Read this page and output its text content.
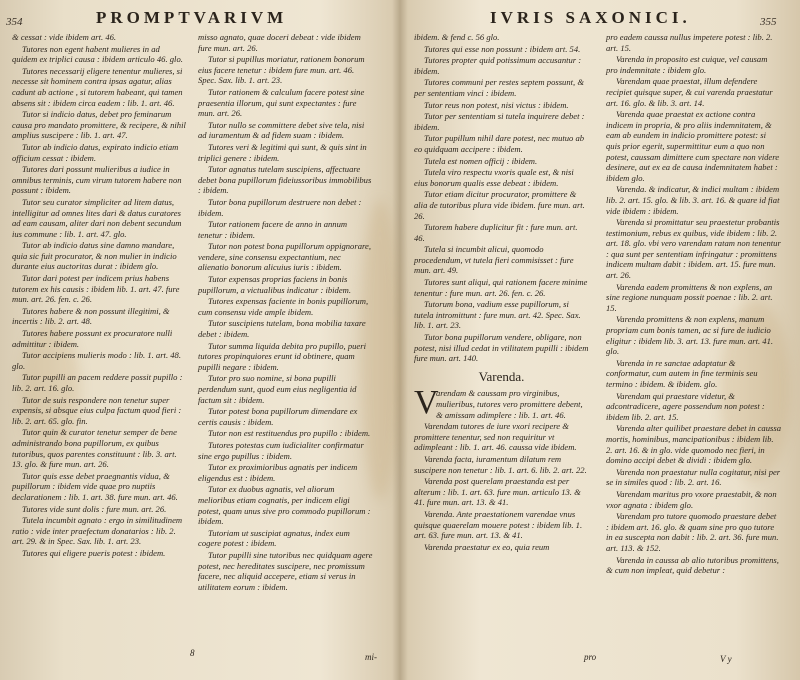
354	PROMPTVARIVM

& cessat : vide ibidem art. 46.

Tutores non egent habent mulieres in ad quidem ex triplici causa : ibidem articulo 46. glo.

Tutores necessarij eligere tenentur mulieres, si necesse sit hominem contra ipsas agatur, alias cadunt ab actione , si tutorem habeant, qui tamen absens sit : ibidem circa eadem : lib. 1. art. 46.

Tutor si indicio datus, debet pro feminarum causa pro mandato promittere, & recipere, & nihil amplius suscipere : lib. 1. art. 47.

Tutor ab indicio datus, expirato indicio etiam officium cessat : ibidem.

Tutores dari possunt mulieribus a iudice in omnibus terminis, cum virum tutorem habere non possunt : ibidem.

Tutor seu curator simpliciter ad litem datus, intelligitur ad omnes lites dari & datus curatores ad eam causam, aliter dari non debent secundum ius commune : lib. 1. art. 47. glo.

Tutor ab indicio datus sine damno mandare, quia sic fuit procurator, & non mulier in indicio durante eius auctoritas durat : ibidem glo.

Tutor dari potest per indicem prius habens tutorem ex his causis : ibidem lib. 1. art. 47. fure mun. art. 26. fen. c. 26.

Tutores habere & non possunt illegitimi, & incertis : lib. 2. art. 48.

Tutores habere possunt ex procuratore nulli admittitur : ibidem.

Tutor accipiens mulieris modo : lib. 1. art. 48. glo.

Tutor pupilli an pacem reddere possit pupillo : lib. 2. art. 16. glo.

Tutor de suis respondere non tenetur super expensis, si absque eius culpa factum quod fieri : lib. 2. art. 65. glo. fin.

Tutor quin & curator tenetur semper de bene administrando bona pupillorum, ex quibus tutoribus, quos parentes constituunt : lib. 3. art. 13. glo. & fure mun. art. 26.

Tutor quis esse debet praegnantis vidua, & pupillorum : ibidem vide quae pro nuptiis declarationem : lib. 1. art. 38. fure mun. art. 46.

Tutores vide sunt dolis : fure mun. art. 26.

Tutela incumbit agnato : ergo in similitudinem ratio : vide inter praefectum donatarios : lib. 2. art. 29. & in Spec. Sax. lib. 1. art. 23.

Tutores qui eligere pueris potest : ibidem.

misso agnato, quae doceri debeat : vide ibidem fure mun. art. 26.

Tutor si pupillus moriatur, rationem bonorum eius facere tenetur : ibidem fure mun. art. 46. Spec. Sax. lib. 1. art. 23.

Tutor rationem & calculum facere potest sine praesentia illorum, qui sunt expectantes : fure mun. art. 26.

Tutor nullo se committere debet sive tela, nisi ad iuramentum & ad fidem suam : ibidem.

Tutores veri & legitimi qui sunt, & quis sint in triplici genere : ibidem.

Tutor agnatus tutelam suscipiens, affectuare debet bona pupillorum fideiussoribus immobilibus : ibidem.

Tutor bona pupillorum destruere non debet : ibidem.

Tutor rationem facere de anno in annum tenetur : ibidem.

Tutor non potest bona pupillorum oppignorare, vendere, sine consensu expectantium, nec alienatio bonorum alicuius iuris : ibidem.

Tutor expensas proprias faciens in bonis pupillorum, a victualibus indicatur : ibidem.

Tutores expensas faciente in bonis pupillorum, cum consensu vide ample ibidem.

Tutor suscipiens tutelam, bona mobilia taxare debet : ibidem.

Tutor summa liquida debita pro pupillo, pueri tutores propinquiores erunt id obtinere, quam pupilli negare : ibidem.

Tutor pro suo nomine, si bona pupilli perdendum sunt, quod eum eius negligentia id factum sit : ibidem.

Tutor potest bona pupillorum dimendare ex certis causis : ibidem.

Tutor non est restituendus pro pupillo : ibidem.

Tutores potestas cum iudicialiter confirmatur sine ergo pupillus : ibidem.

Tutor ex proximioribus agnatis per indicem eligendus est : ibidem.

Tutor ex duobus agnatis, vel aliorum melioribus etiam cognatis, per indicem eligi potest, quam unus sive pro commodo pupillorum : ibidem.

Tutoriam ut suscipiat agnatus, index eum cogere potest : ibidem.

Tutor pupilli sine tutoribus nec quidquam agere potest, nec hereditates suscipere, nec promissum facere, nec aliquid accepere, etiam si verus in utilitatem eorum : ibidem.

8	mi-
IVRIS SAXONICI.	355

ibidem. & fend c. 56 glo.

Tutores qui esse non possunt : ibidem art. 54.

Tutores propter quid potissimum accusantur : ibidem.

Tutores communi per restes septem possunt, & per sententiam vinci : ibidem.

Tutor reus non potest, nisi victus : ibidem.

Tutor per sententiam si tutela inquirere debet : ibidem.

Tutor pupillum nihil dare potest, nec mutuo ab eo quidquam accipere : ibidem.

Tutela est nomen officij : ibidem.

Tutela viro respectu vxoris quale est, & nisi eius bonorum qualis esse debeat : ibidem.

Tutor etiam dicitur procurator, promittere & alia de tutoribus plura vide ibidem. fure mun. art. 26.

Tutorem habere duplicitur fit : fure mun. art. 46.

Tutela si incumbit alicui, quomodo procedendum, vt tutela fieri commisisset : fure mun. art. 49.

Tutores sunt aliqui, qui rationem facere minime tenentur : fure mun. art. 26. fen. c. 26.

Tutorum bona, vadium esse pupillorum, si tutela intromittunt : fure mun. art. 42. Spec. Sax. lib. 1. art. 23.

Tutor bona pupillorum vendere, obligare, non potest, nisi illud cedat in vtilitatem pupilli : ibidem fure mun. art. 140.

Varenda.

V
arendam & caussam pro virginibus, mulieribus, tutores vero promittere debent, & amissam adimplere : lib. 1. art. 46.

Varendam tutores de iure vxori recipere & promittere tenentur, sed non requiritur vt adimpleant : lib. 1. art. 46. caussa vide ibidem.

Varenda facta, iuramentum dilatum rem suscipere non tenetur : lib. 1. art. 6. lib. 2. art. 22.

Varenda post querelam praestanda est per alterum : lib. 1. art. 63. fure mun. articulo 13. & 41. fure mun. art. 13. & 41.

Varenda. Ante praestationem varendae vnus quisque quaerelam mouere potest : ibidem lib. 1. art. 63. fure mun. art. 13. & 41.

Varenda praestatur ex eo, quia reum

pro eadem caussa nullus impetere potest : lib. 2. art. 15.

Varenda in proposito est cuique, vel causam pro indemnitate : ibidem glo.

Varendam quae praestat, illum defendere recipiet quisque super, & cui varenda praestatur art. 16. glo. & lib. 3. art. 14.

Varenda quae praestat ex actione contra indicem in propria, & pro aliis indemnitatem, & eam ab eundem in indicio promittere potest: si quis prior egerit, supermittitur eum a quo non potest, caussam dimittere cum spectare non videre desinere, aut ex ea de causa indemnitatem habet : ibidem glo.

Varenda. & indicatur, & indici multam : ibidem lib. 2. art. 15. glo. & lib. 3. art. 16. & quare id fiat vide ibidem : ibidem.

Varenda si promittatur seu praestetur probantis testimonium, rebus ex quibus, vide ibidem : lib. 2. art. 18. glo. vbi vero varendam ratam non tenentur : qua sunt per sententiam infringatur : promittens indicem multam dabit : ibidem. art. 15. fure mun. art. 26.

Varenda eadem promittens & non explens, an sine regione nunquam possit poenae : lib. 2. art. 15.

Varenda promittens & non explens, manum propriam cum bonis tamen, ac si fure de iudicio eligitur : ibidem lib. 3. art. 13. fure mun. art. 41. glo.

Varenda in re sanctae adaptatur & conformatur, cum autem in fine terminis seu termino : ibidem. & ibidem. glo.

Varendam qui praestare videtur, & adcontradicere, agere possendum non potest : ibidem lib. 2. art. 15.

Varenda alter quilibet praestare debet in caussa mortis, hominibus, mancipationibus : ibidem lib. 2. art. 16. & in glo. vide quomodo nec fieri, in domino accipi debet & dividi : ibidem glo.

Varenda non praestatur nulla cogitatur, nisi per se in similes quod : lib. 2. art. 16.

Varendam maritus pro vxore praestabit, & non vxor agnata : ibidem glo.

Varendam pro tutore quomodo praestare debet : ibidem art. 16. glo. & quam sine pro quo tutore in ea suscepta non dabit : lib. 2. art. 36. fure mun. art. 113. & 152.

Varenda in caussa ab alio tutoribus promittens, & cum non impleat, quid debetur :

pro	V y
